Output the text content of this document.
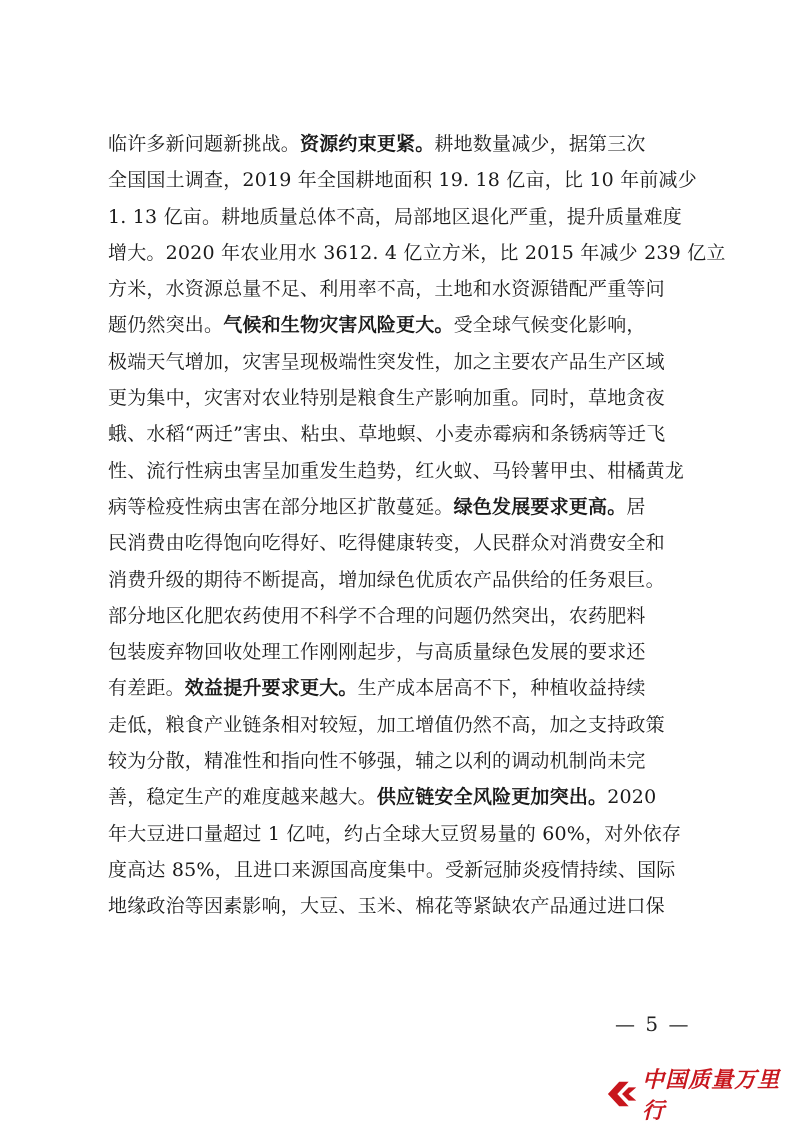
临许多新问题新挑战。资源约束更紧。耕地数量减少，据第三次
全国国土调查，2019 年全国耕地面积 19. 18 亿亩，比 10 年前减少
1. 13 亿亩。耕地质量总体不高，局部地区退化严重，提升质量难度
增大。2020 年农业用水 3612. 4 亿立方米，比 2015 年减少 239 亿立
方米，水资源总量不足、利用率不高，土地和水资源错配严重等问
题仍然突出。气候和生物灾害风险更大。受全球气候变化影响，
极端天气增加，灾害呈现极端性突发性，加之主要农产品生产区域
更为集中，灾害对农业特别是粮食生产影响加重。同时，草地贪夜
蛾、水稻“两迁”害虫、粘虫、草地螟、小麦赤霉病和条锈病等迁飞
性、流行性病虫害呈加重发生趋势，红火蚁、马铃薯甲虫、柑橘黄龙
病等检疫性病虫害在部分地区扩散蔓延。绿色发展要求更高。居
民消费由吃得饱向吃得好、吃得健康转变，人民群众对消费安全和
消费升级的期待不断提高，增加绿色优质农产品供给的任务艰巨。
部分地区化肥农药使用不科学不合理的问题仍然突出，农药肥料
包装废弃物回收处理工作刚刚起步，与高质量绿色发展的要求还
有差距。效益提升要求更大。生产成本居高不下，种植收益持续
走低，粮食产业链条相对较短，加工增值仍然不高，加之支持政策
较为分散，精准性和指向性不够强，辅之以利的调动机制尚未完
善，稳定生产的难度越来越大。供应链安全风险更加突出。2020
年大豆进口量超过 1 亿吨，约占全球大豆贸易量的 60%，对外依存
度高达 85%，且进口来源国高度集中。受新冠肺炎疫情持续、国际
地缘政治等因素影响，大豆、玉米、棉花等紧缺农产品通过进口保
— 5 —
中国质量万里行
